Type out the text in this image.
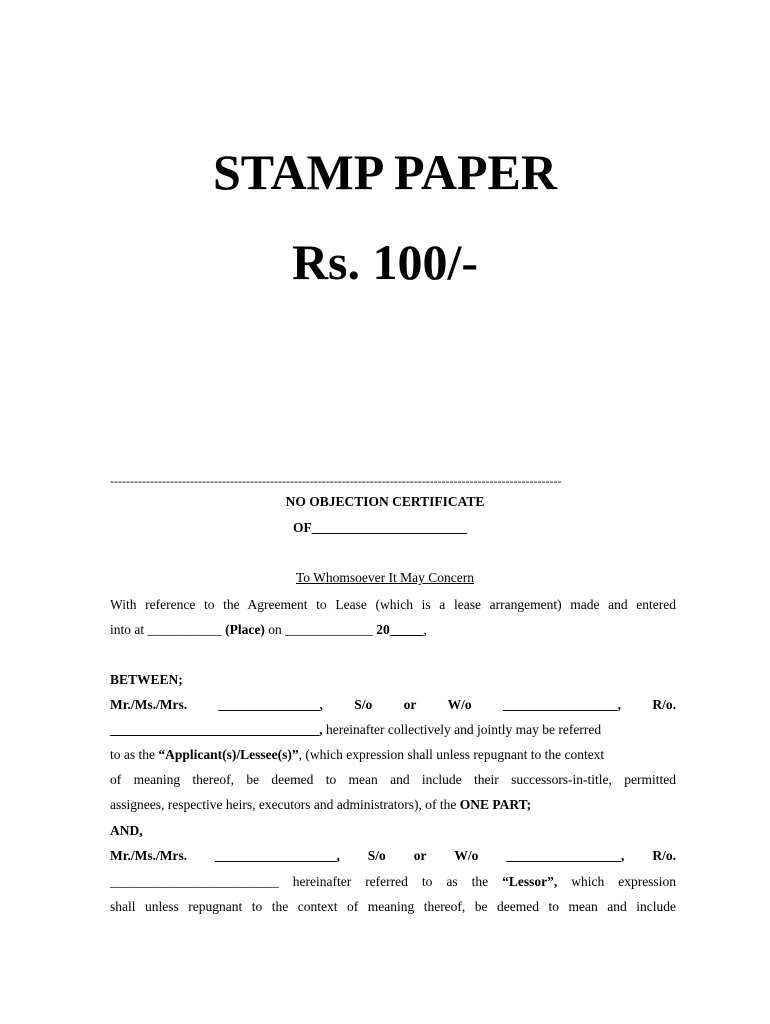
STAMP PAPER
Rs. 100/-
-----------------------------------------------------------------------------------------------------------------
NO OBJECTION CERTIFICATE
OF_______________________
To Whomsoever It May Concern
With reference to the Agreement to Lease (which is a lease arrangement) made and entered
into at ___________ (Place) on _____________ 20_____,
BETWEEN;
Mr./Ms./Mrs. _______________, S/o or W/o _________________, R/o.
_______________________________, hereinafter collectively and jointly may be referred
to as the “Applicant(s)/Lessee(s)”, (which expression shall unless repugnant to the context
of meaning thereof, be deemed to mean and include their successors-in-title, permitted
assignees, respective heirs, executors and administrators), of the ONE PART;
AND,
Mr./Ms./Mrs. __________________, S/o or W/o _________________, R/o.
_________________________ hereinafter referred to as the “Lessor”, which expression
shall unless repugnant to the context of meaning thereof, be deemed to mean and include
